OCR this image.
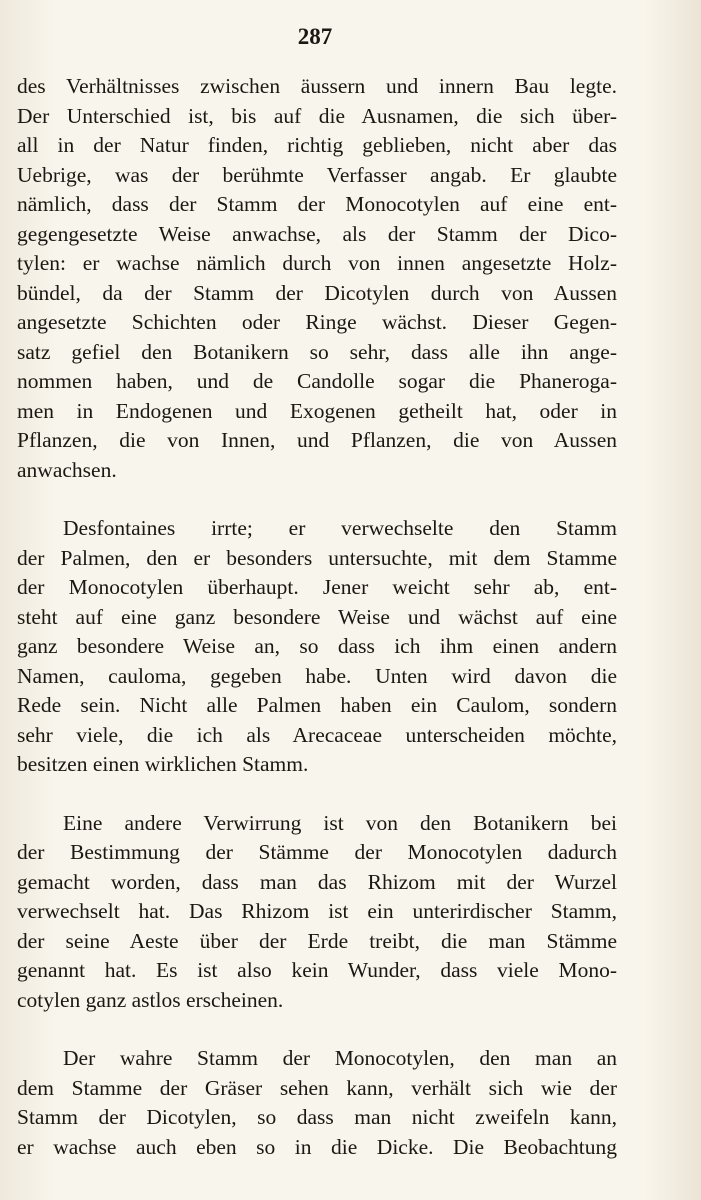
287
des Verhältnisses zwischen äussern und innern Bau legte.
Der Unterschied ist, bis auf die Ausnamen, die sich über-
all in der Natur finden, richtig geblieben, nicht aber das
Uebrige, was der berühmte Verfasser angab. Er glaubte
nämlich, dass der Stamm der Monocotylen auf eine ent-
gegengesetzte Weise anwachse, als der Stamm der Dico-
tylen: er wachse nämlich durch von innen angesetzte Holz-
bündel, da der Stamm der Dicotylen durch von Aussen
angesetzte Schichten oder Ringe wächst. Dieser Gegen-
satz gefiel den Botanikern so sehr, dass alle ihn ange-
nommen haben, und de Candolle sogar die Phanerogа-
men in Endogenen und Exogenen getheilt hat, oder in
Pflanzen, die von Innen, und Pflanzen, die von Aussen
anwachsen.
Desfontaines irrte; er verwechselte den Stamm
der Palmen, den er besonders untersuchte, mit dem Stamme
der Monocotylen überhaupt. Jener weicht sehr ab, ent-
steht auf eine ganz besondere Weise und wächst auf eine
ganz besondere Weise an, so dass ich ihm einen andern
Namen, cauloma, gegeben habe. Unten wird davon die
Rede sein. Nicht alle Palmen haben ein Caulom, sondern
sehr viele, die ich als Arecaceae unterscheiden möchte,
besitzen einen wirklichen Stamm.
Eine andere Verwirrung ist von den Botanikern bei
der Bestimmung der Stämme der Monocotylen dadurch
gemacht worden, dass man das Rhizom mit der Wurzel
verwechselt hat. Das Rhizom ist ein unterirdischer Stamm,
der seine Aeste über der Erde treibt, die man Stämme
genannt hat. Es ist also kein Wunder, dass viele Mono-
cotylen ganz astlos erscheinen.
Der wahre Stamm der Monocotylen, den man an
dem Stamme der Gräser sehen kann, verhält sich wie der
Stamm der Dicotylen, so dass man nicht zweifeln kann,
er wachse auch eben so in die Dicke. Die Beobachtung
